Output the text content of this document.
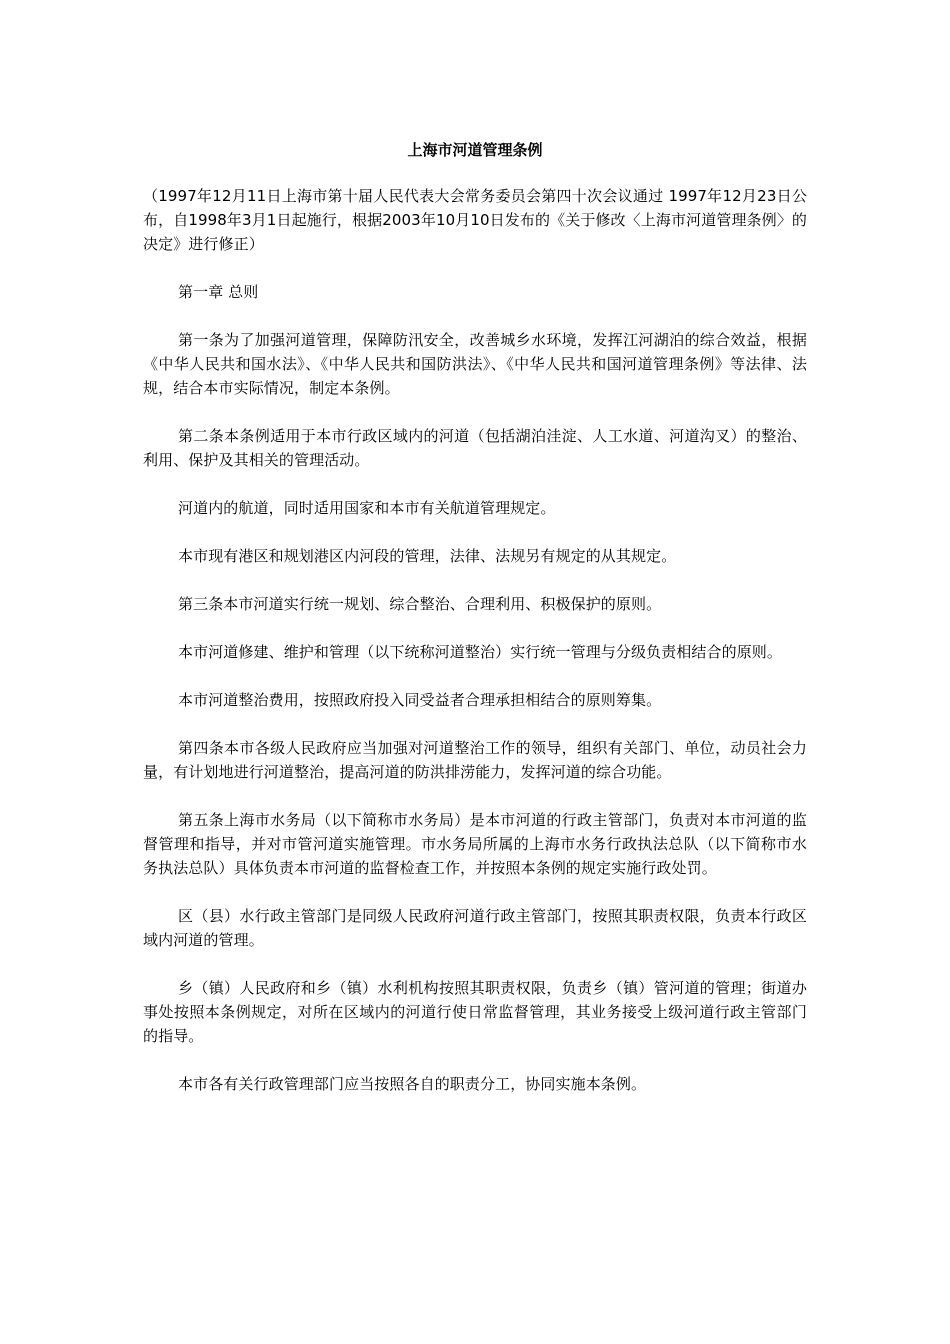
上海市河道管理条例

（1997年12月11日上海市第十届人民代表大会常务委员会第四十次会议通过 1997年12月23日公布，自1998年3月1日起施行，根据2003年10月10日发布的《关于修改〈上海市河道管理条例〉的决定》进行修正）

第一章 总则

第一条为了加强河道管理，保障防汛安全，改善城乡水环境，发挥江河湖泊的综合效益，根据《中华人民共和国水法》、《中华人民共和国防洪法》、《中华人民共和国河道管理条例》等法律、法规，结合本市实际情况，制定本条例。

第二条本条例适用于本市行政区域内的河道（包括湖泊洼淀、人工水道、河道沟叉）的整治、利用、保护及其相关的管理活动。

河道内的航道，同时适用国家和本市有关航道管理规定。

本市现有港区和规划港区内河段的管理，法律、法规另有规定的从其规定。

第三条本市河道实行统一规划、综合整治、合理利用、积极保护的原则。

本市河道修建、维护和管理（以下统称河道整治）实行统一管理与分级负责相结合的原则。

本市河道整治费用，按照政府投入同受益者合理承担相结合的原则筹集。

第四条本市各级人民政府应当加强对河道整治工作的领导，组织有关部门、单位，动员社会力量，有计划地进行河道整治，提高河道的防洪排涝能力，发挥河道的综合功能。

第五条上海市水务局（以下简称市水务局）是本市河道的行政主管部门，负责对本市河道的监督管理和指导，并对市管河道实施管理。市水务局所属的上海市水务行政执法总队（以下简称市水务执法总队）具体负责本市河道的监督检查工作，并按照本条例的规定实施行政处罚。

区（县）水行政主管部门是同级人民政府河道行政主管部门，按照其职责权限，负责本行政区域内河道的管理。

乡（镇）人民政府和乡（镇）水利机构按照其职责权限，负责乡（镇）管河道的管理；街道办事处按照本条例规定，对所在区域内的河道行使日常监督管理，其业务接受上级河道行政主管部门的指导。

本市各有关行政管理部门应当按照各自的职责分工，协同实施本条例。
